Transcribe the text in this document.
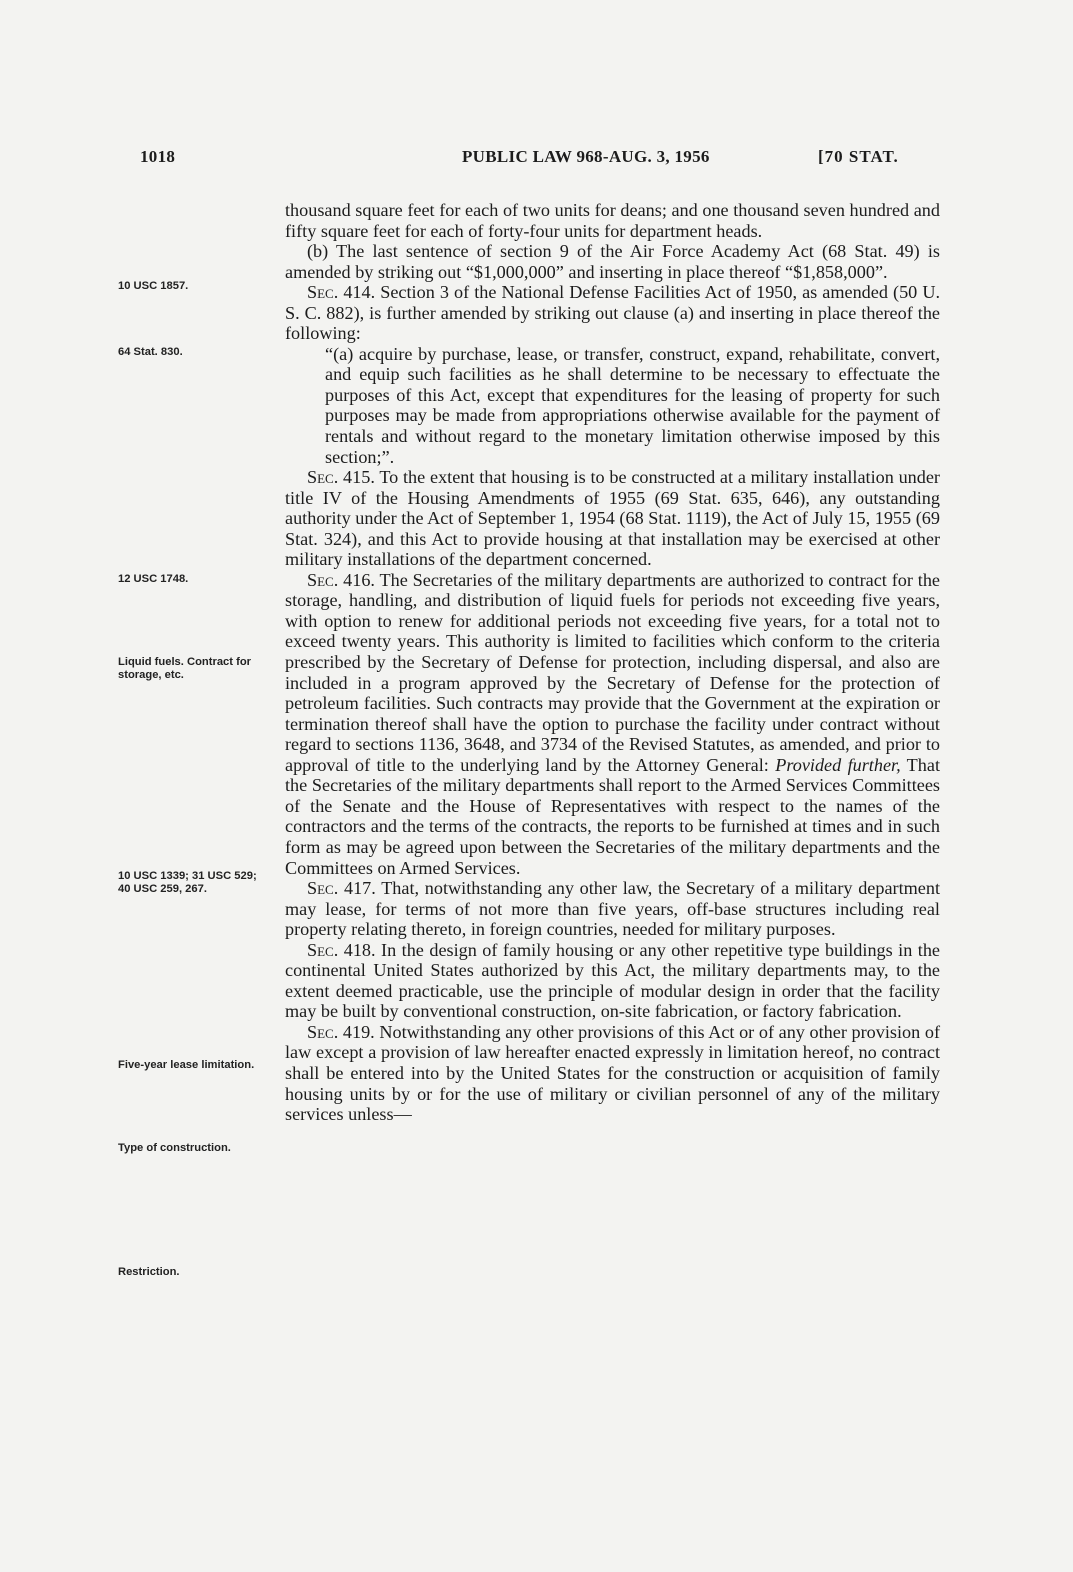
1018	PUBLIC LAW 968-AUG. 3, 1956	[70 STAT.
10 USC 1857.
64 Stat. 830.
12 USC 1748.
Liquid fuels. Contract for storage, etc.
10 USC 1339; 31 USC 529; 40 USC 259, 267.
Five-year lease limitation.
Type of construction.
Restriction.

thousand square feet for each of two units for deans; and one thousand seven hundred and fifty square feet for each of forty-four units for department heads.

(b) The last sentence of section 9 of the Air Force Academy Act (68 Stat. 49) is amended by striking out “$1,000,000” and inserting in place thereof “$1,858,000”.

Sec. 414. Section 3 of the National Defense Facilities Act of 1950, as amended (50 U. S. C. 882), is further amended by striking out clause (a) and inserting in place thereof the following:

“(a) acquire by purchase, lease, or transfer, construct, expand, rehabilitate, convert, and equip such facilities as he shall determine to be necessary to effectuate the purposes of this Act, except that expenditures for the leasing of property for such purposes may be made from appropriations otherwise available for the payment of rentals and without regard to the monetary limitation otherwise imposed by this section;”.

Sec. 415. To the extent that housing is to be constructed at a military installation under title IV of the Housing Amendments of 1955 (69 Stat. 635, 646), any outstanding authority under the Act of September 1, 1954 (68 Stat. 1119), the Act of July 15, 1955 (69 Stat. 324), and this Act to provide housing at that installation may be exercised at other military installations of the department concerned.

Sec. 416. The Secretaries of the military departments are authorized to contract for the storage, handling, and distribution of liquid fuels for periods not exceeding five years, with option to renew for additional periods not exceeding five years, for a total not to exceed twenty years. This authority is limited to facilities which conform to the criteria prescribed by the Secretary of Defense for protection, including dispersal, and also are included in a program approved by the Secretary of Defense for the protection of petroleum facilities. Such contracts may provide that the Government at the expiration or termination thereof shall have the option to purchase the facility under contract without regard to sections 1136, 3648, and 3734 of the Revised Statutes, as amended, and prior to approval of title to the underlying land by the Attorney General: Provided further, That the Secretaries of the military departments shall report to the Armed Services Committees of the Senate and the House of Representatives with respect to the names of the contractors and the terms of the contracts, the reports to be furnished at times and in such form as may be agreed upon between the Secretaries of the military departments and the Committees on Armed Services.

Sec. 417. That, notwithstanding any other law, the Secretary of a military department may lease, for terms of not more than five years, off-base structures including real property relating thereto, in foreign countries, needed for military purposes.

Sec. 418. In the design of family housing or any other repetitive type buildings in the continental United States authorized by this Act, the military departments may, to the extent deemed practicable, use the principle of modular design in order that the facility may be built by conventional construction, on-site fabrication, or factory fabrication.

Sec. 419. Notwithstanding any other provisions of this Act or of any other provision of law except a provision of law hereafter enacted expressly in limitation hereof, no contract shall be entered into by the United States for the construction or acquisition of family housing units by or for the use of military or civilian personnel of any of the military services unless—
